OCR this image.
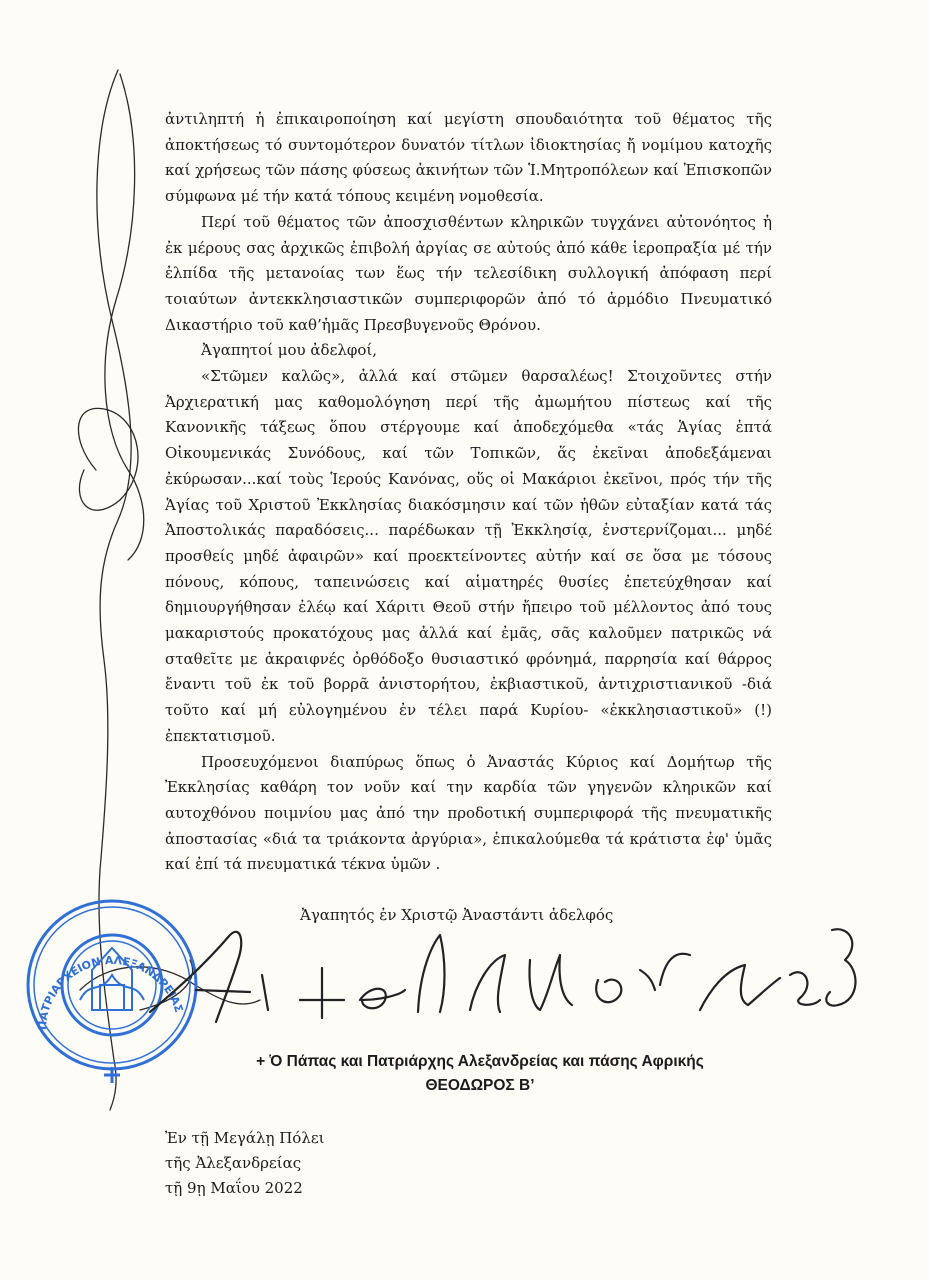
ἀντιληπτή ἡ ἐπικαιροποίηση καί μεγίστη σπουδαιότητα τοῦ θέματος τῆς ἀποκτήσεως τό συντομότερον δυνατόν τίτλων ἰδιοκτησίας ἤ νομίμου κατοχῆς καί χρήσεως τῶν πάσης φύσεως ἀκινήτων τῶν Ἱ.Μητροπόλεων καί Ἐπισκοπῶν σύμφωνα μέ τήν κατά τόπους κειμένη νομοθεσία.

Περί τοῦ θέματος τῶν ἀποσχισθέντων κληρικῶν τυγχάνει αὐτονόητος ἡ ἐκ μέρους σας ἀρχικῶς ἐπιβολή ἀργίας σε αὐτούς ἀπό κάθε ἱεροπραξία μέ τήν ἐλπίδα τῆς μετανοίας των ἕως τήν τελεσίδικη συλλογική ἀπόφαση περί τοιαύτων ἀντεκκλησιαστικῶν συμπεριφορῶν ἀπό τό ἁρμόδιο Πνευματικό Δικαστήριο τοῦ καθ’ἡμᾶς Πρεσβυγενοῦς Θρόνου.

Ἀγαπητοί μου ἀδελφοί,

«Στῶμεν καλῶς», ἀλλά καί στῶμεν θαρσαλέως! Στοιχοῦντες στήν Ἀρχιερατική μας καθομολόγηση περί τῆς ἀμωμήτου πίστεως καί τῆς Κανονικῆς τάξεως ὅπου στέργουμε καί ἀποδεχόμεθα «τάς Ἁγίας ἑπτά Οἰκουμενικάς Συνόδους, καί τῶν Τοπικῶν, ἅς ἐκεῖναι ἀποδεξάμεναι ἐκύρωσαν...καί τοὺς Ἱερούς Κανόνας, οὕς οἱ Μακάριοι ἐκεῖνοι, πρός τήν τῆς Ἁγίας τοῦ Χριστοῦ Ἐκκλησίας διακόσμησιν καί τῶν ἠθῶν εὐταξίαν κατά τάς Ἀποστολικάς παραδόσεις... παρέδωκαν τῇ Ἐκκλησίᾳ, ἐνστερνίζομαι... μηδέ προσθείς μηδέ ἀφαιρῶν» καί προεκτείνοντες αὐτήν καί σε ὅσα με τόσους πόνους, κόπους, ταπεινώσεις καί αἱματηρές θυσίες ἐπετεύχθησαν καί δημιουργήθησαν ἐλέῳ καί Χάριτι Θεοῦ στήν ἤπειρο τοῦ μέλλοντος ἀπό τους μακαριστούς προκατόχους μας ἀλλά καί ἐμᾶς, σᾶς καλοῦμεν πατρικῶς νά σταθεῖτε με ἀκραιφνές ὀρθόδοξο θυσιαστικό φρόνημά, παρρησία καί θάρρος ἔναντι τοῦ ἐκ τοῦ βορρᾶ ἀνιστορήτου, ἐκβιαστικοῦ, ἀντιχριστιανικοῦ -διά τοῦτο καί μή εὐλογημένου ἐν τέλει παρά Κυρίου- «ἐκκλησιαστικοῦ» (!) ἐπεκτατισμοῦ.

Προσευχόμενοι διαπύρως ὅπως ὁ Ἀναστάς Κύριος καί Δομήτωρ τῆς Ἐκκλησίας καθάρη τον νοῦν καί την καρδία τῶν γηγενῶν κληρικῶν καί αυτοχθόνου ποιμνίου μας ἀπό την προδοτική συμπεριφορά τῆς πνευματικῆς ἀποστασίας «διά τα τριάκοντα ἀργύρια», ἐπικαλούμεθα τά κράτιστα ἐφ' ὑμᾶς καί ἐπί τά πνευματικά τέκνα ὑμῶν .

Ἀγαπητός ἐν Χριστῷ Ἀναστάντι ἀδελφός
ΠΑΤΡΙΑΡΧΕΙΟΝ ΑΛΕΞΑΝΔΡΕΙΑΣ
+ Ὁ Πάπας και Πατριάρχης Αλεξανδρείας και πάσης Αφρικής
ΘΕΟΔΩΡΟΣ Β’
Ἐν τῇ Μεγάλῃ Πόλει
τῆς Ἀλεξανδρείας
τῇ 9ῃ Μαΐου 2022
